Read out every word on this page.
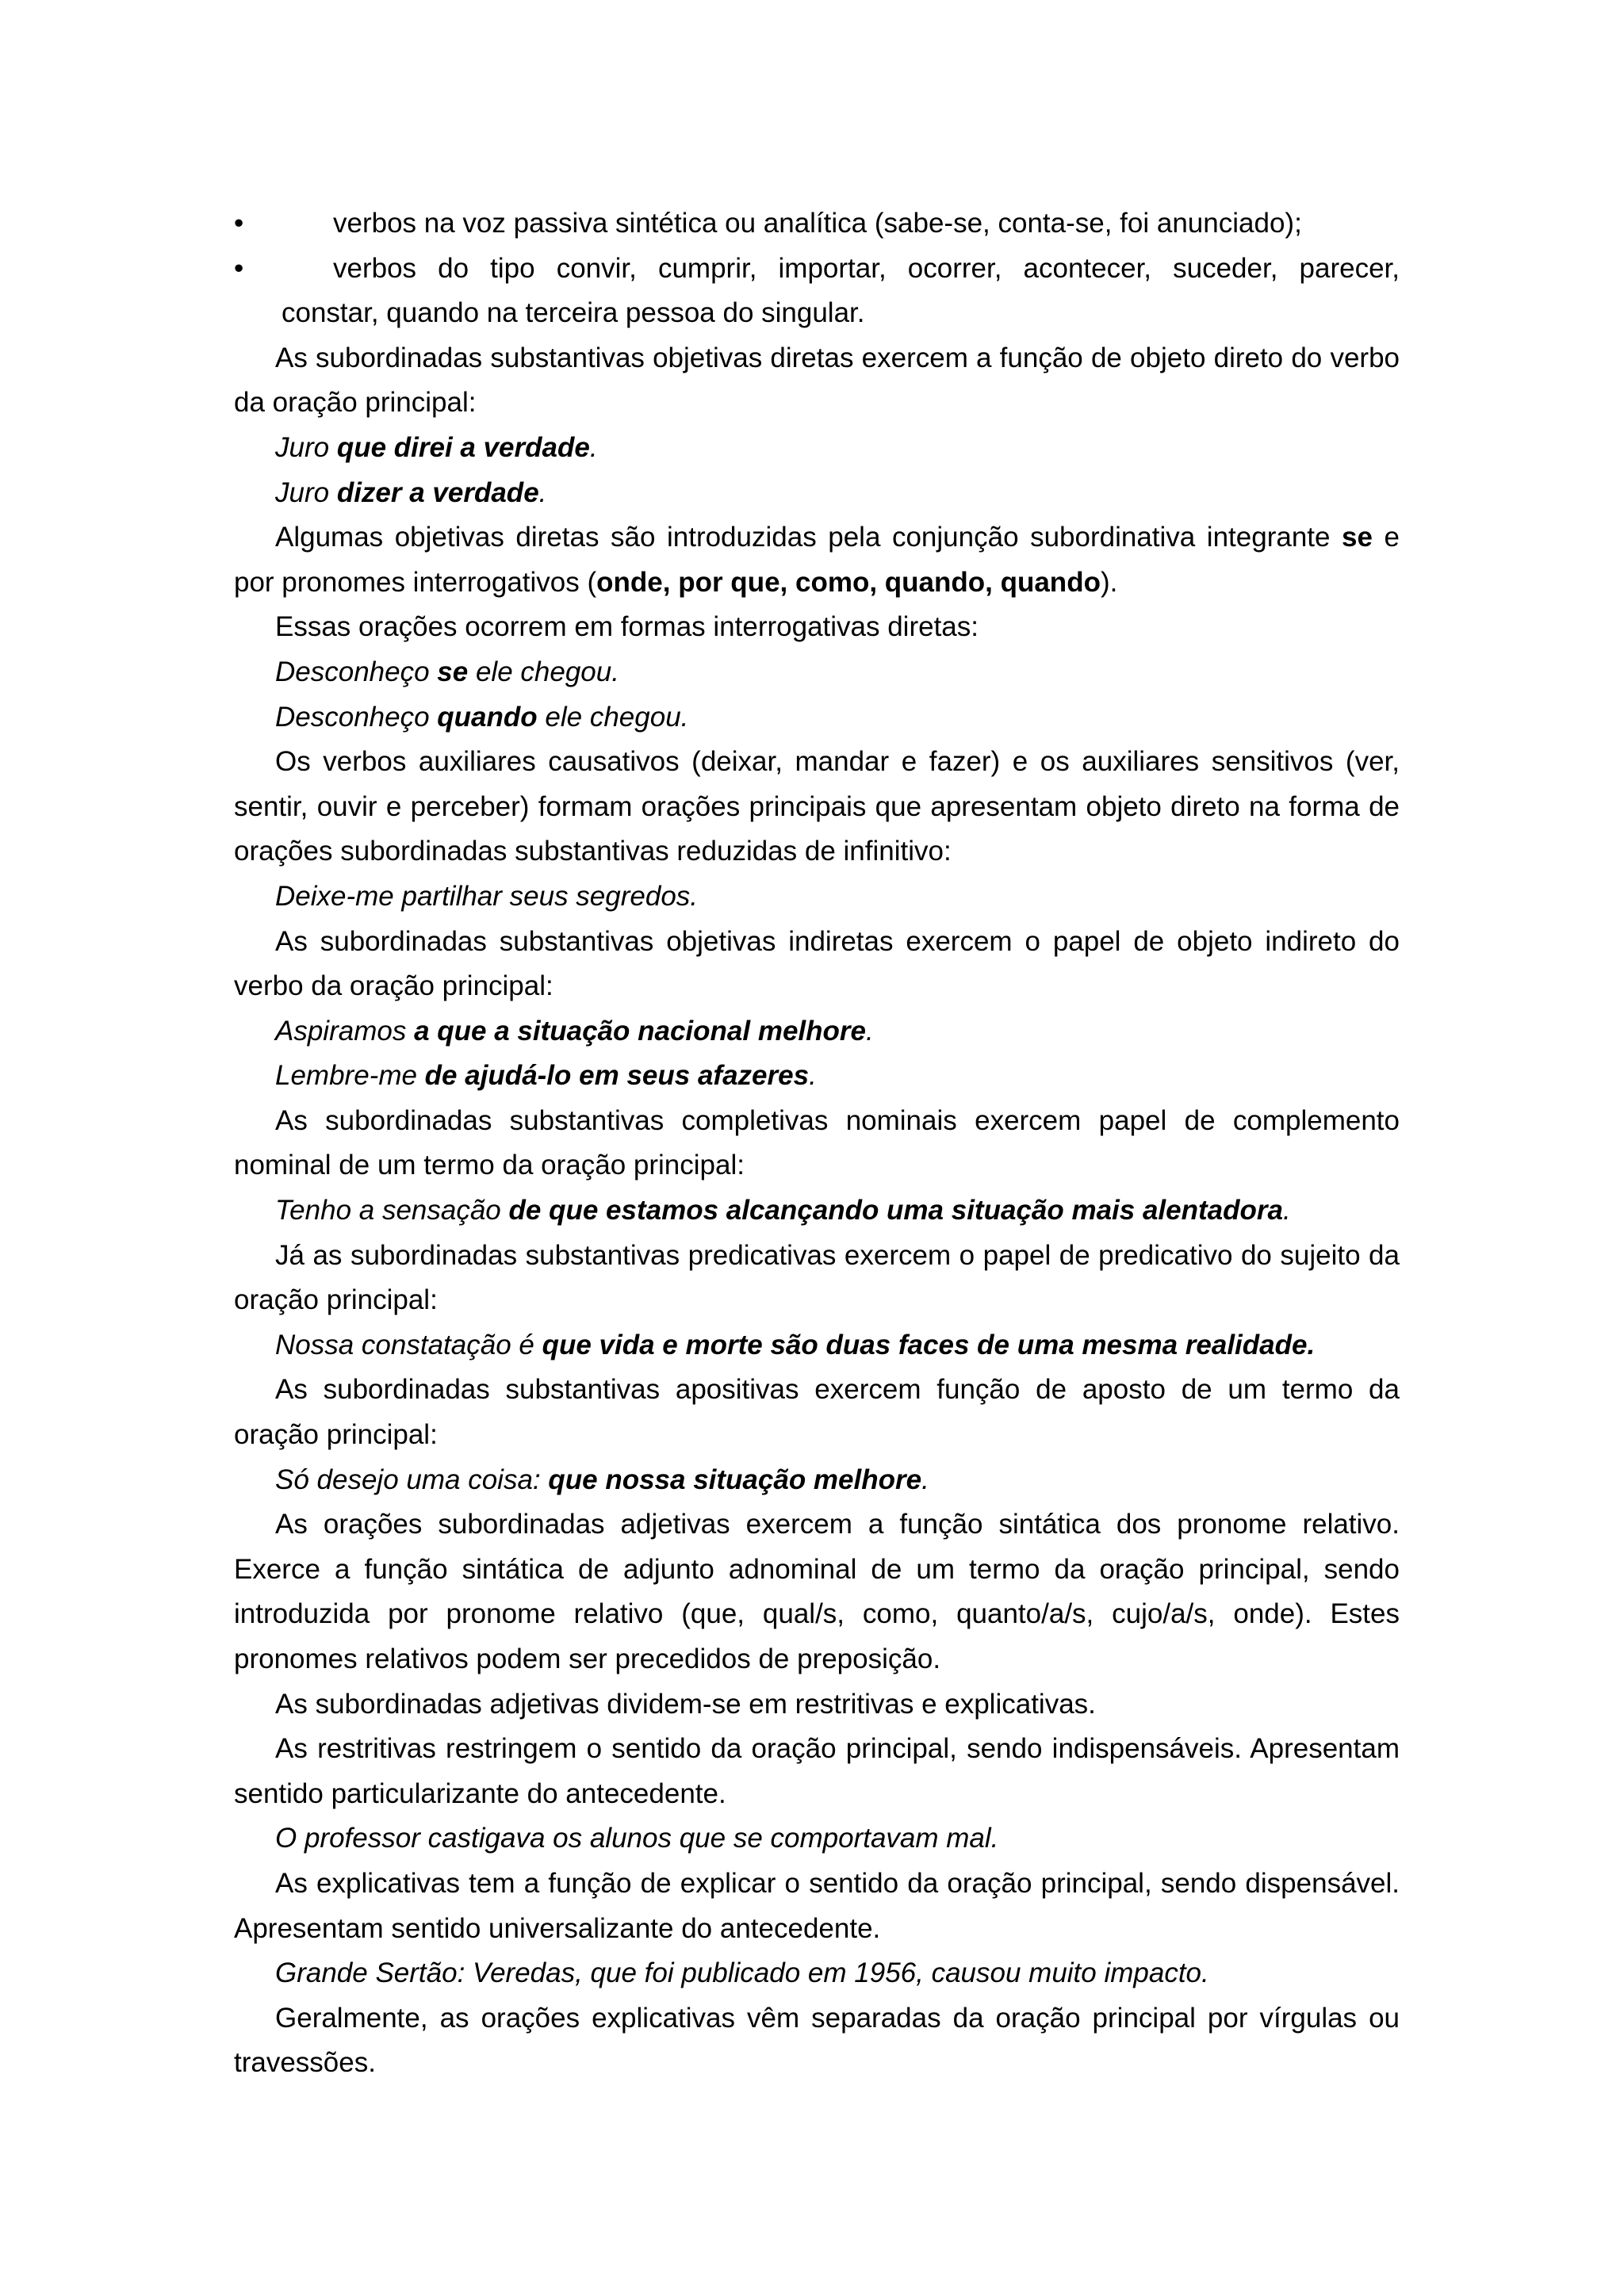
•	verbos na voz passiva sintética ou analítica (sabe-se, conta-se, foi anunciado);

•	verbos do tipo convir, cumprir, importar, ocorrer, acontecer, suceder, parecer,

constar, quando na terceira pessoa do singular.

As subordinadas substantivas objetivas diretas exercem a função de objeto direto do verbo da oração principal:

Juro que direi a verdade.

Juro dizer a verdade.

Algumas objetivas diretas são introduzidas pela conjunção subordinativa integrante se e por pronomes interrogativos (onde, por que, como, quando, quando).

Essas orações ocorrem em formas interrogativas diretas:

Desconheço se ele chegou.

Desconheço quando ele chegou.

Os verbos auxiliares causativos (deixar, mandar e fazer) e os auxiliares sensitivos (ver, sentir, ouvir e perceber) formam orações principais que apresentam objeto direto na forma de orações subordinadas substantivas reduzidas de infinitivo:

Deixe-me partilhar seus segredos.

As subordinadas substantivas objetivas indiretas exercem o papel de objeto indireto do verbo da oração principal:

Aspiramos a que a situação nacional melhore.

Lembre-me de ajudá-lo em seus afazeres.

As subordinadas substantivas completivas nominais exercem papel de complemento nominal de um termo da oração principal:

Tenho a sensação de que estamos alcançando uma situação mais alentadora.

Já as subordinadas substantivas predicativas exercem o papel de predicativo do sujeito da oração principal:

Nossa constatação é que vida e morte são duas faces de uma mesma realidade.

As subordinadas substantivas apositivas exercem função de aposto de um termo da oração principal:

Só desejo uma coisa: que nossa situação melhore.

As orações subordinadas adjetivas exercem a função sintática dos pronome relativo. Exerce a função sintática de adjunto adnominal de um termo da oração principal, sendo introduzida por pronome relativo (que, qual/s, como, quanto/a/s, cujo/a/s, onde). Estes pronomes relativos podem ser precedidos de preposição.

As subordinadas adjetivas dividem-se em restritivas e explicativas.

As restritivas restringem o sentido da oração principal, sendo indispensáveis. Apresentam sentido particularizante do antecedente.

O professor castigava os alunos que se comportavam mal.

As explicativas tem a função de explicar o sentido da oração principal, sendo dispensável. Apresentam sentido universalizante do antecedente.

Grande Sertão: Veredas, que foi publicado em 1956, causou muito impacto.

Geralmente, as orações explicativas vêm separadas da oração principal por vírgulas ou travessões.
